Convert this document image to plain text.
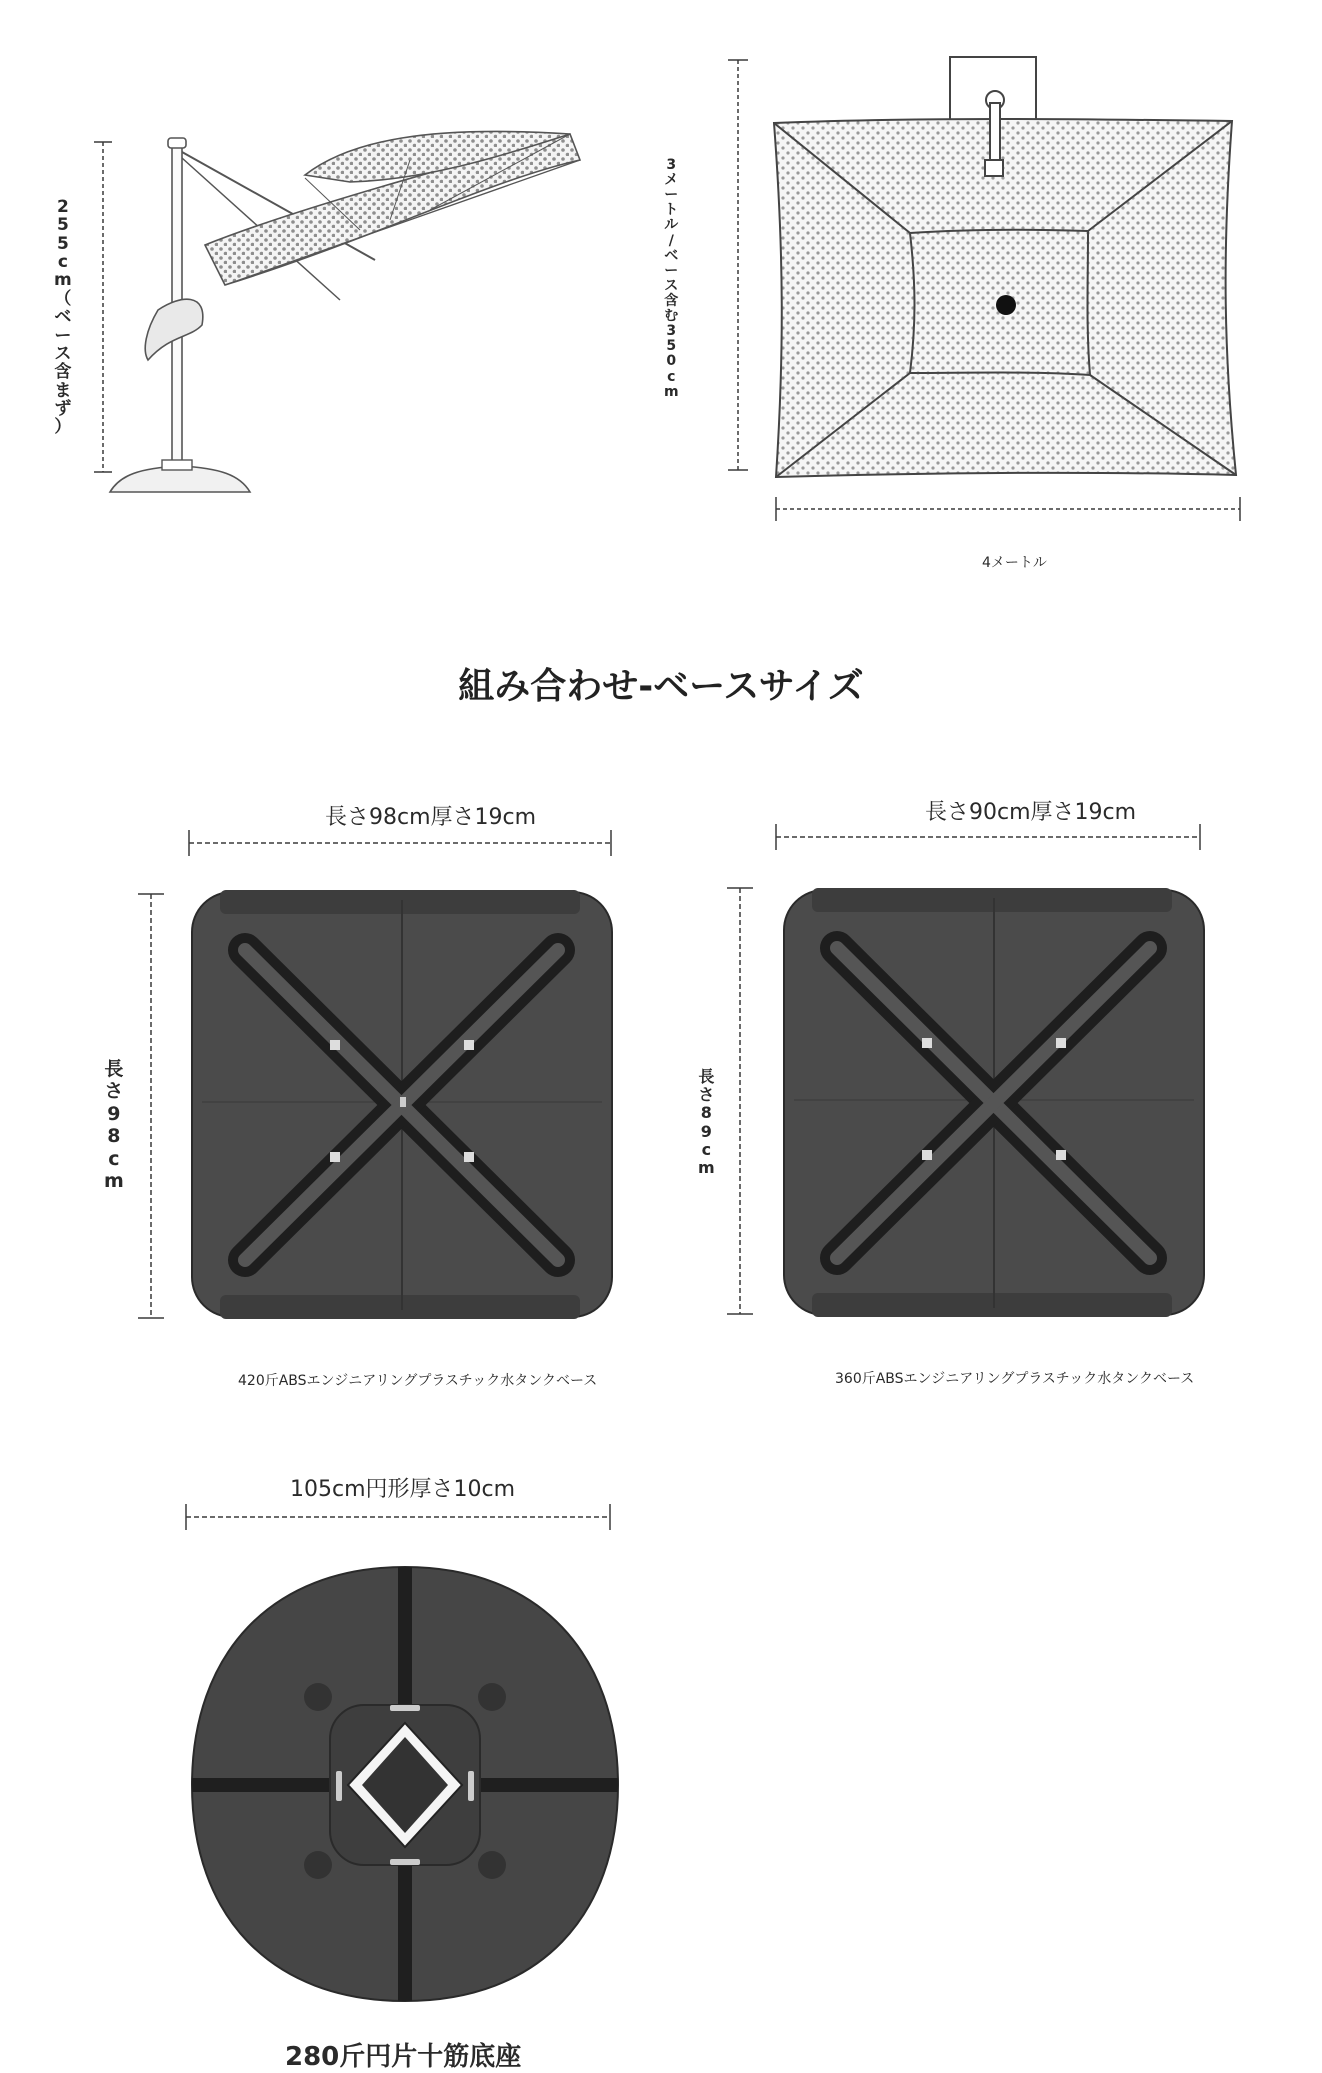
2
5
5
c
m
（
ベ
ー
ス
含
ま
ず
）
3
メ
ー
ト
ル
/
ベ
ー
ス
含
む
3
5
0
c
m
4メートル
組み合わせ-ベースサイズ
長さ98cm厚さ19cm
長
さ
9
8
c
m
420斤ABSエンジニアリングプラスチック水タンクベース
長さ90cm厚さ19cm
長
さ
8
9
c
m
360斤ABSエンジニアリングプラスチック水タンクベース
105cm円形厚さ10cm
280斤円片十筋底座
